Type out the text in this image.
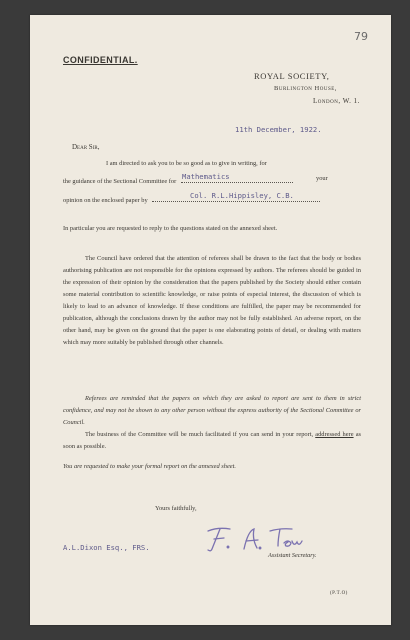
79
CONFIDENTIAL.
ROYAL SOCIETY,
Burlington House,
London, W. 1.
11th December, 1922.
Dear Sir,
I am directed to ask you to be so good as to give in writing, for
the guidance of the Sectional Committee for
Mathematics	your
opinion on the enclosed paper by
Col. R.L.Hippisley, C.B.

In particular you are requested to reply to the questions stated on the annexed sheet.

The Council have ordered that the attention of referees shall be drawn to the fact that the body or bodies authorising publication are not responsible for the opinions expressed by authors. The referees should be guided in the expression of their opinion by the consideration that the papers published by the Society should either contain some material contribution to scientific knowledge, or raise points of especial interest, the discussion of which is likely to lead to an advance of knowledge. If these conditions are fulfilled, the paper may be recommended for publication, although the conclusions drawn by the author may not be fully established. An adverse report, on the other hand, may be given on the ground that the paper is one elaborating points of detail, or dealing with matters which may more suitably be published through other channels.

Referees are reminded that the papers on which they are asked to report are sent to them in strict confidence, and may not be shown to any other person without the express authority of the Sectional Committee or Council.

The business of the Committee will be much facilitated if you can send in your report, addressed here as soon as possible.

You are requested to make your formal report on the annexed sheet.
Yours faithfully,
A.L.Dixon Esq., FRS.
Assistant Secretary.
(P.T.O)
